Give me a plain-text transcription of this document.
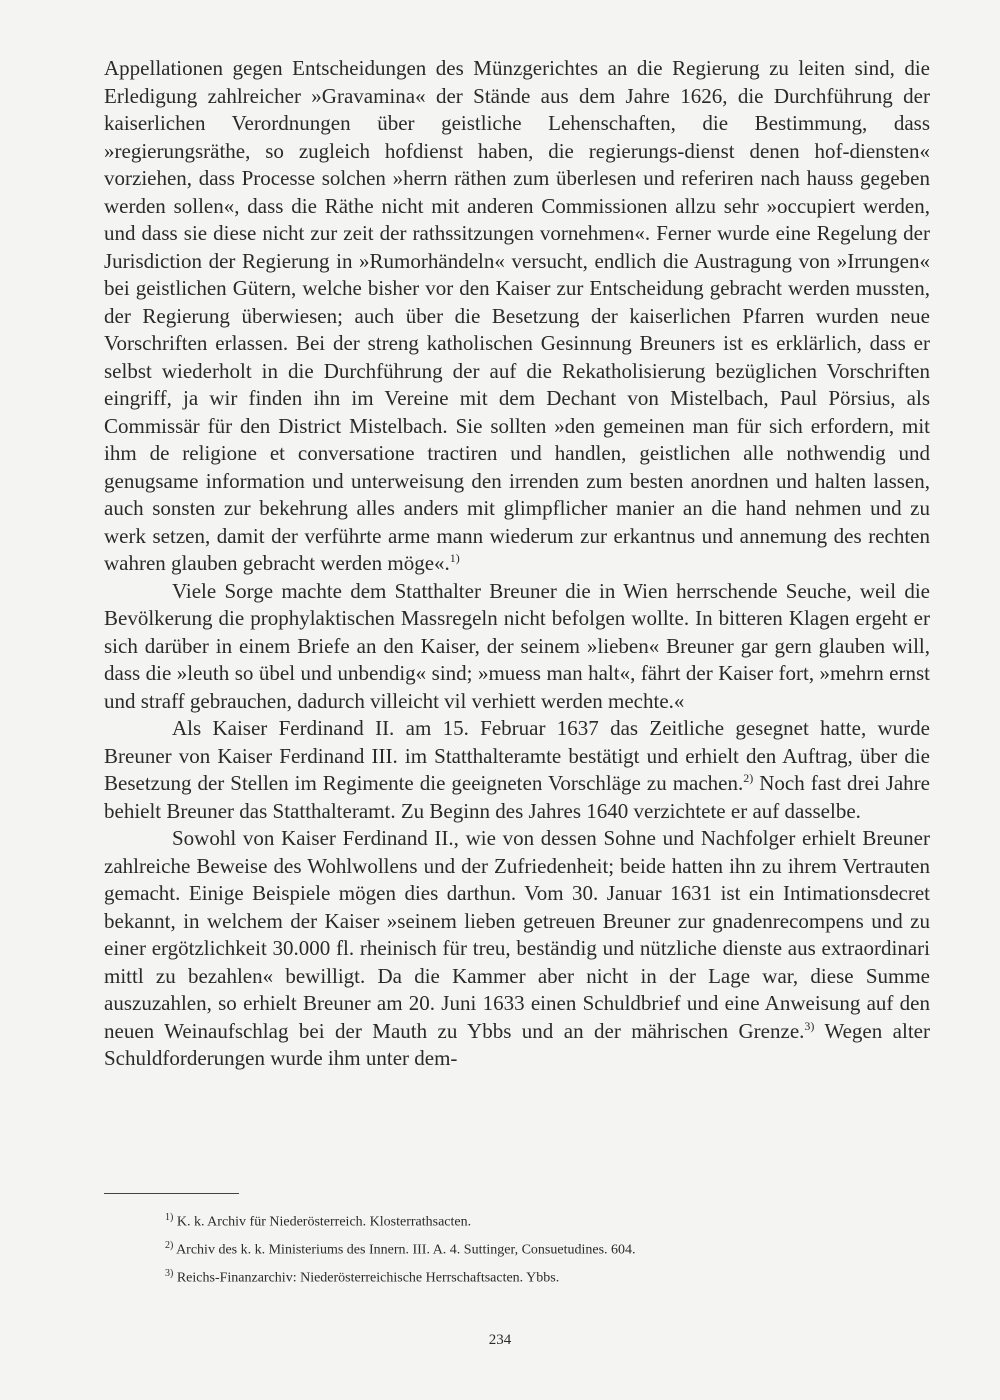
Appellationen gegen Entscheidungen des Münzgerichtes an die Regierung zu leiten sind, die Erledigung zahlreicher »Gravamina« der Stände aus dem Jahre 1626, die Durchführung der kaiserlichen Verordnungen über geistliche Lehenschaften, die Bestimmung, dass »regierungsräthe, so zugleich hofdienst haben, die regierungs-dienst denen hof-diensten« vorziehen, dass Processe solchen »herrn räthen zum überlesen und referiren nach hauss gegeben werden sollen«, dass die Räthe nicht mit anderen Commissionen allzu sehr »occupiert werden, und dass sie diese nicht zur zeit der rathssitzungen vornehmen«. Ferner wurde eine Regelung der Jurisdiction der Regierung in »Rumorhändeln« versucht, endlich die Austragung von »Irrungen« bei geistlichen Gütern, welche bisher vor den Kaiser zur Entscheidung gebracht werden mussten, der Regierung überwiesen; auch über die Besetzung der kaiserlichen Pfarren wurden neue Vorschriften erlassen. Bei der streng katholischen Gesinnung Breuners ist es erklärlich, dass er selbst wiederholt in die Durchführung der auf die Rekatholisierung bezüglichen Vorschriften eingriff, ja wir finden ihn im Vereine mit dem Dechant von Mistelbach, Paul Pörsius, als Commissär für den District Mistelbach. Sie sollten »den gemeinen man für sich erfordern, mit ihm de religione et conversatione tractiren und handlen, geistlichen alle nothwendig und genugsame information und unterweisung den irrenden zum besten anordnen und halten lassen, auch sonsten zur bekehrung alles anders mit glimpflicher manier an die hand nehmen und zu werk setzen, damit der verführte arme mann wiederum zur erkantnus und annemung des rechten wahren glauben gebracht werden möge«.$^{1)}$

Viele Sorge machte dem Statthalter Breuner die in Wien herrschende Seuche, weil die Bevölkerung die prophylaktischen Massregeln nicht befolgen wollte. In bitteren Klagen ergeht er sich darüber in einem Briefe an den Kaiser, der seinem »lieben« Breuner gar gern glauben will, dass die »leuth so übel und unbendig« sind; »muess man halt«, fährt der Kaiser fort, »mehrn ernst und straff gebrauchen, dadurch villeicht vil verhiett werden mechte.«

Als Kaiser Ferdinand II. am 15. Februar 1637 das Zeitliche gesegnet hatte, wurde Breuner von Kaiser Ferdinand III. im Statthalteramte bestätigt und erhielt den Auftrag, über die Besetzung der Stellen im Regimente die geeigneten Vorschläge zu machen.$^{2)}$ Noch fast drei Jahre behielt Breuner das Statthalteramt. Zu Beginn des Jahres 1640 verzichtete er auf dasselbe.

Sowohl von Kaiser Ferdinand II., wie von dessen Sohne und Nachfolger erhielt Breuner zahlreiche Beweise des Wohlwollens und der Zufriedenheit; beide hatten ihn zu ihrem Vertrauten gemacht. Einige Beispiele mögen dies darthun. Vom 30. Januar 1631 ist ein Intimationsdecret bekannt, in welchem der Kaiser »seinem lieben getreuen Breuner zur gnadenrecompens und zu einer ergötzlichkeit 30.000 fl. rheinisch für treu, beständig und nützliche dienste aus extraordinari mittl zu bezahlen« bewilligt. Da die Kammer aber nicht in der Lage war, diese Summe auszuzahlen, so erhielt Breuner am 20. Juni 1633 einen Schuldbrief und eine Anweisung auf den neuen Weinaufschlag bei der Mauth zu Ybbs und an der mährischen Grenze.$^{3)}$ Wegen alter Schuldforderungen wurde ihm unter dem-

$^{1)}$ K. k. Archiv für Niederösterreich. Klosterrathsacten.
$^{2)}$ Archiv des k. k. Ministeriums des Innern. III. A. 4. Suttinger, Consuetudines. 604.
$^{3)}$ Reichs-Finanzarchiv: Niederösterreichische Herrschaftsacten. Ybbs.
234
